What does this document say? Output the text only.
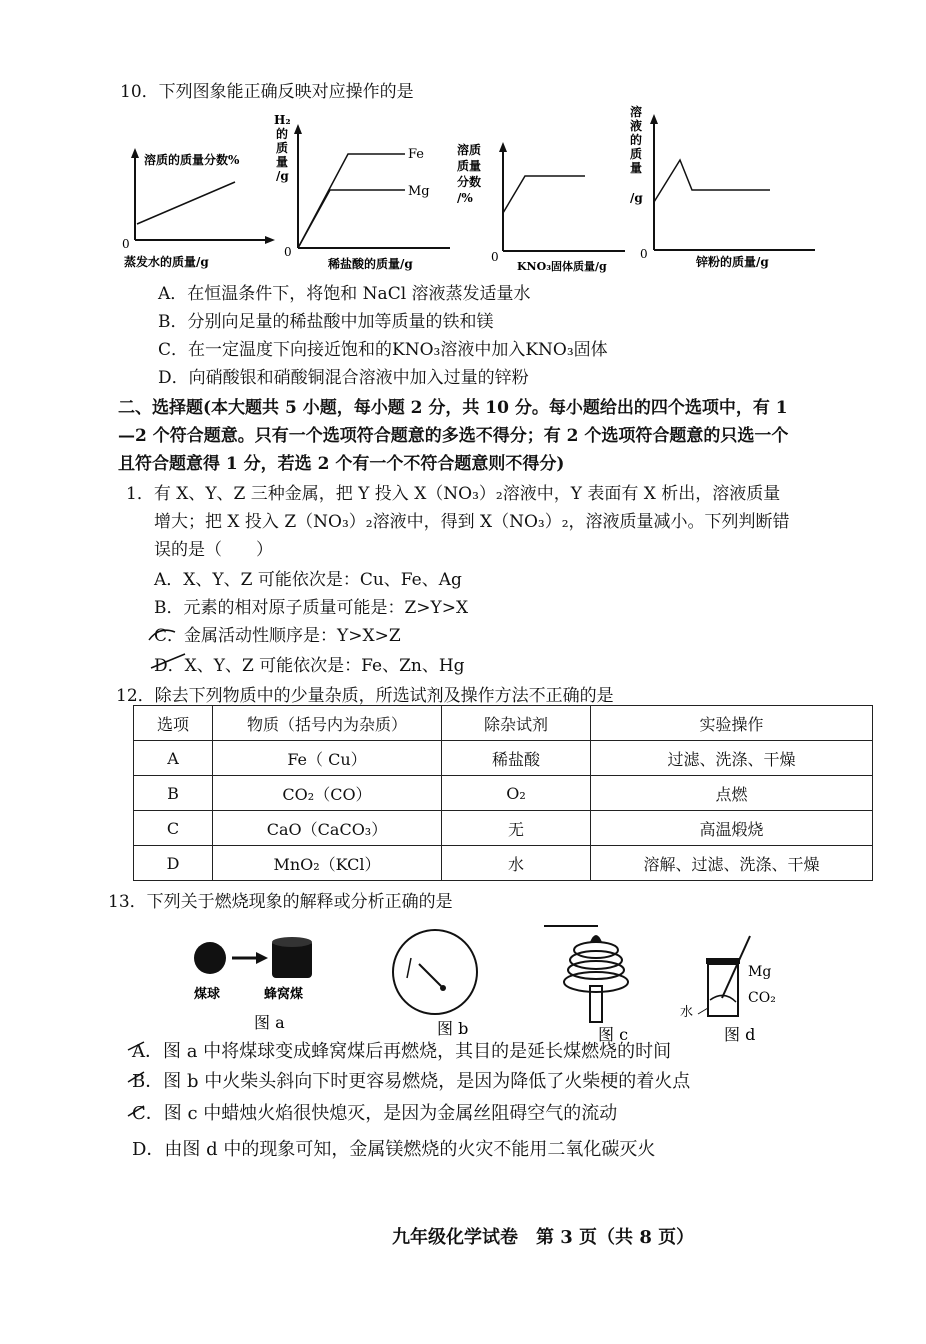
10．下列图象能正确反映对应操作的是
溶质的质量分数%
0
蒸发水的质量/g
Fe
Mg
H₂
的
质
量
/g
0
稀盐酸的质量/g
溶质
质量
分数
/%
0
KNO₃固体质量/g
溶
液
的
质
量
/g
0
锌粉的质量/g
A．在恒温条件下，将饱和 NaCl 溶液蒸发适量水
B．分别向足量的稀盐酸中加等质量的铁和镁
C．在一定温度下向接近饱和的KNO₃溶液中加入KNO₃固体
D．向硝酸银和硝酸铜混合溶液中加入过量的锌粉
二、选择题(本大题共 5 小题，每小题 2 分，共 10 分。每小题给出的四个选项中，有 1
—2 个符合题意。只有一个选项符合题意的多选不得分；有 2 个选项符合题意的只选一个
且符合题意得 1 分，若选 2 个有一个不符合题意则不得分)
1．有 X、Y、Z 三种金属，把 Y 投入 X（NO₃）₂溶液中，Y 表面有 X 析出，溶液质量
增大；把 X 投入 Z（NO₃）₂溶液中，得到 X（NO₃）₂，溶液质量减小。下列判断错
误的是（　　）
A．X、Y、Z 可能依次是：Cu、Fe、Ag
B．元素的相对原子质量可能是：Z>Y>X
C．金属活动性顺序是：Y>X>Z
D．X、Y、Z 可能依次是：Fe、Zn、Hg
12．除去下列物质中的少量杂质，所选试剂及操作方法不正确的是
选项	物质（括号内为杂质）	除杂试剂	实验操作
A	Fe（ Cu）	稀盐酸	过滤、洗涤、干燥
B	CO₂（CO）	O₂	点燃
C	CaO（CaCO₃）	无	高温煅烧
D	MnO₂（KCl）	水	溶解、过滤、洗涤、干燥
13．下列关于燃烧现象的解释或分析正确的是
煤球	蜂窝煤
图 a	图 b	图 c
Mg
CO₂
水
图 d
A．图 a 中将煤球变成蜂窝煤后再燃烧，其目的是延长煤燃烧的时间
B．图 b 中火柴头斜向下时更容易燃烧，是因为降低了火柴梗的着火点
C．图 c 中蜡烛火焰很快熄灭，是因为金属丝阻碍空气的流动
D．由图 d 中的现象可知，金属镁燃烧的火灾不能用二氧化碳灭火
九年级化学试卷　第 3 页（共 8 页）
